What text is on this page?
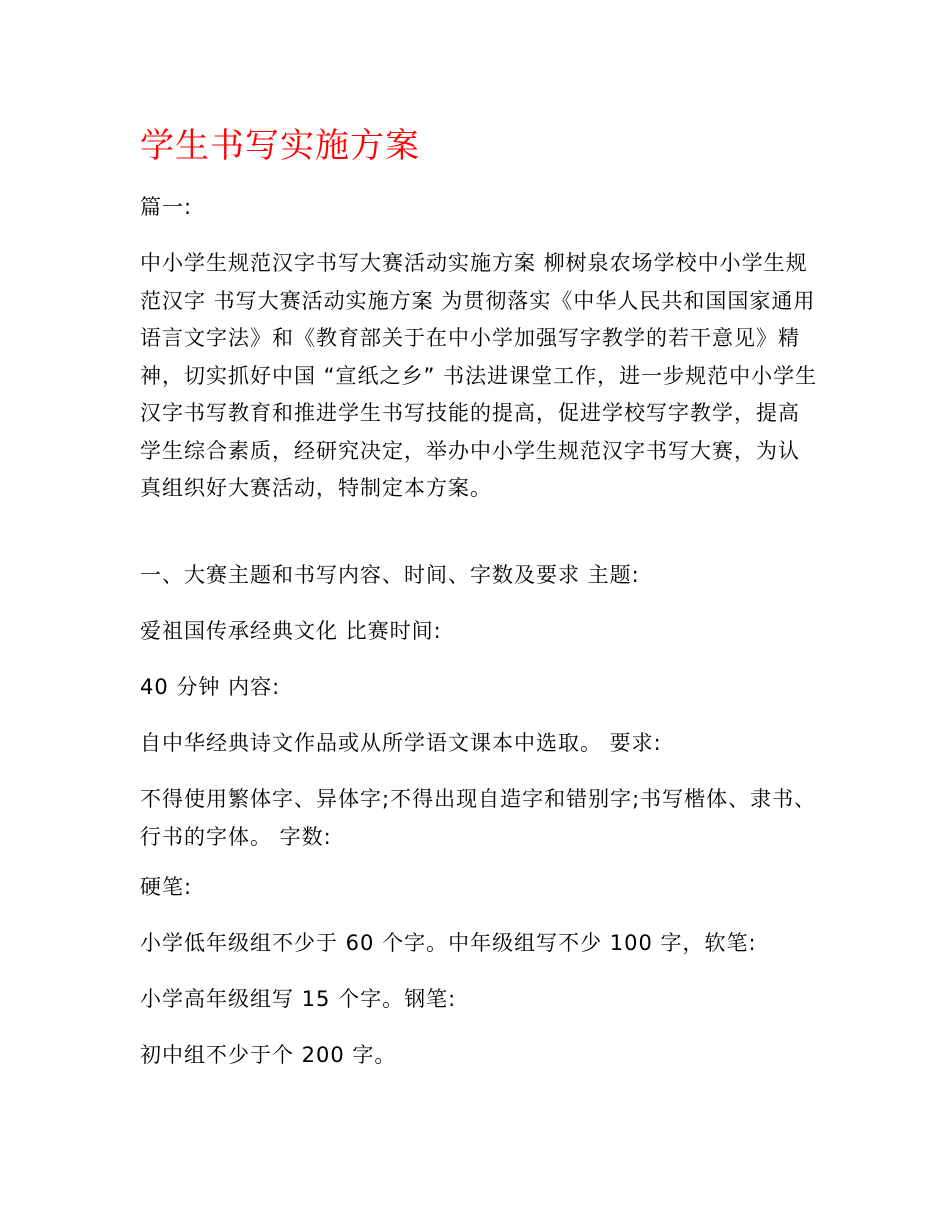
学生书写实施方案

篇一:

中小学生规范汉字书写大赛活动实施方案 柳树泉农场学校中小学生规范汉字 书写大赛活动实施方案 为贯彻落实《中华人民共和国国家通用语言文字法》和《教育部关于在中小学加强写字教学的若干意见》精神，切实抓好中国 “宣纸之乡” 书法进课堂工作，进一步规范中小学生汉字书写教育和推进学生书写技能的提高，促进学校写字教学，提高学生综合素质，经研究决定，举办中小学生规范汉字书写大赛，为认真组织好大赛活动，特制定本方案。

一、大赛主题和书写内容、时间、字数及要求 主题:

爱祖国传承经典文化 比赛时间:

40 分钟 内容:

自中华经典诗文作品或从所学语文课本中选取。 要求:

不得使用繁体字、异体字;不得出现自造字和错别字;书写楷体、隶书、行书的字体。 字数:

硬笔:

小学低年级组不少于 60 个字。中年级组写不少 100 字，软笔:

小学高年级组写 15 个字。钢笔:

初中组不少于个 200 字。
